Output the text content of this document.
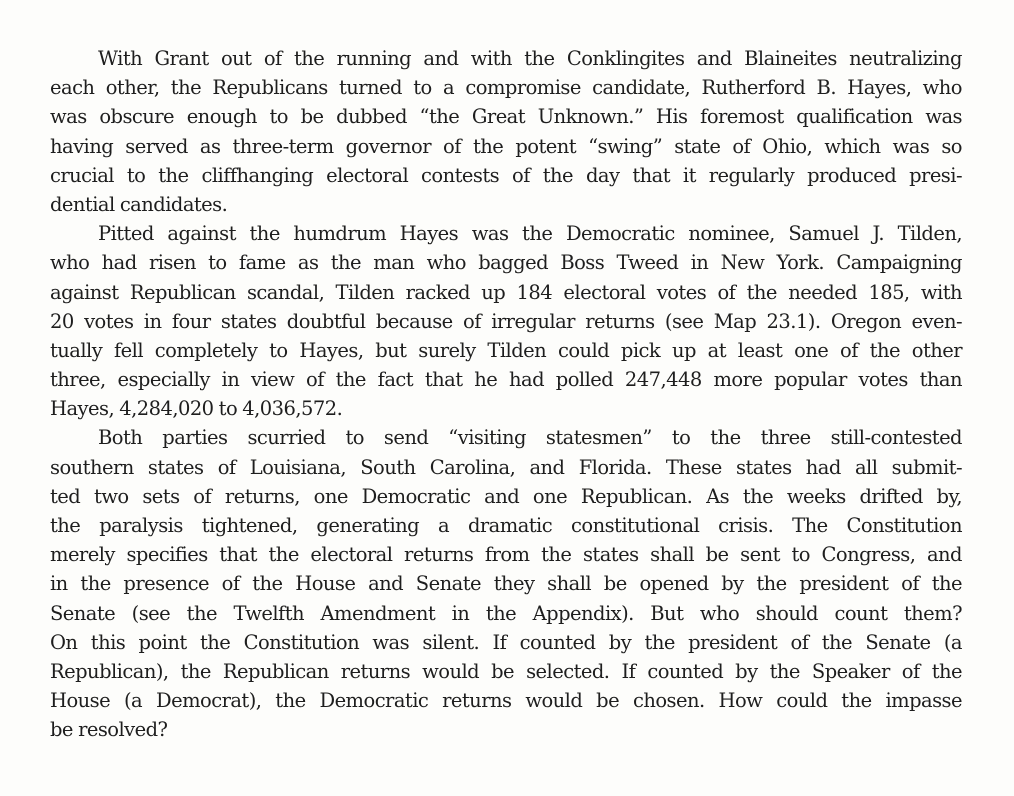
With Grant out of the running and with the Conklingites and Blaineites neutralizing
each other, the Republicans turned to a compromise candidate, Rutherford B. Hayes, who
was obscure enough to be dubbed “the Great Unknown.” His foremost qualification was
having served as three-term governor of the potent “swing” state of Ohio, which was so
crucial to the cliffhanging electoral contests of the day that it regularly produced presi-
dential candidates.
Pitted against the humdrum Hayes was the Democratic nominee, Samuel J. Tilden,
who had risen to fame as the man who bagged Boss Tweed in New York. Campaigning
against Republican scandal, Tilden racked up 184 electoral votes of the needed 185, with
20 votes in four states doubtful because of irregular returns (see Map 23.1). Oregon even-
tually fell completely to Hayes, but surely Tilden could pick up at least one of the other
three, especially in view of the fact that he had polled 247,448 more popular votes than
Hayes, 4,284,020 to 4,036,572.
Both parties scurried to send “visiting statesmen” to the three still-contested
southern states of Louisiana, South Carolina, and Florida. These states had all submit-
ted two sets of returns, one Democratic and one Republican. As the weeks drifted by,
the paralysis tightened, generating a dramatic constitutional crisis. The Constitution
merely specifies that the electoral returns from the states shall be sent to Congress, and
in the presence of the House and Senate they shall be opened by the president of the
Senate (see the Twelfth Amendment in the Appendix). But who should count them?
On this point the Constitution was silent. If counted by the president of the Senate (a
Republican), the Republican returns would be selected. If counted by the Speaker of the
House (a Democrat), the Democratic returns would be chosen. How could the impasse
be resolved?
